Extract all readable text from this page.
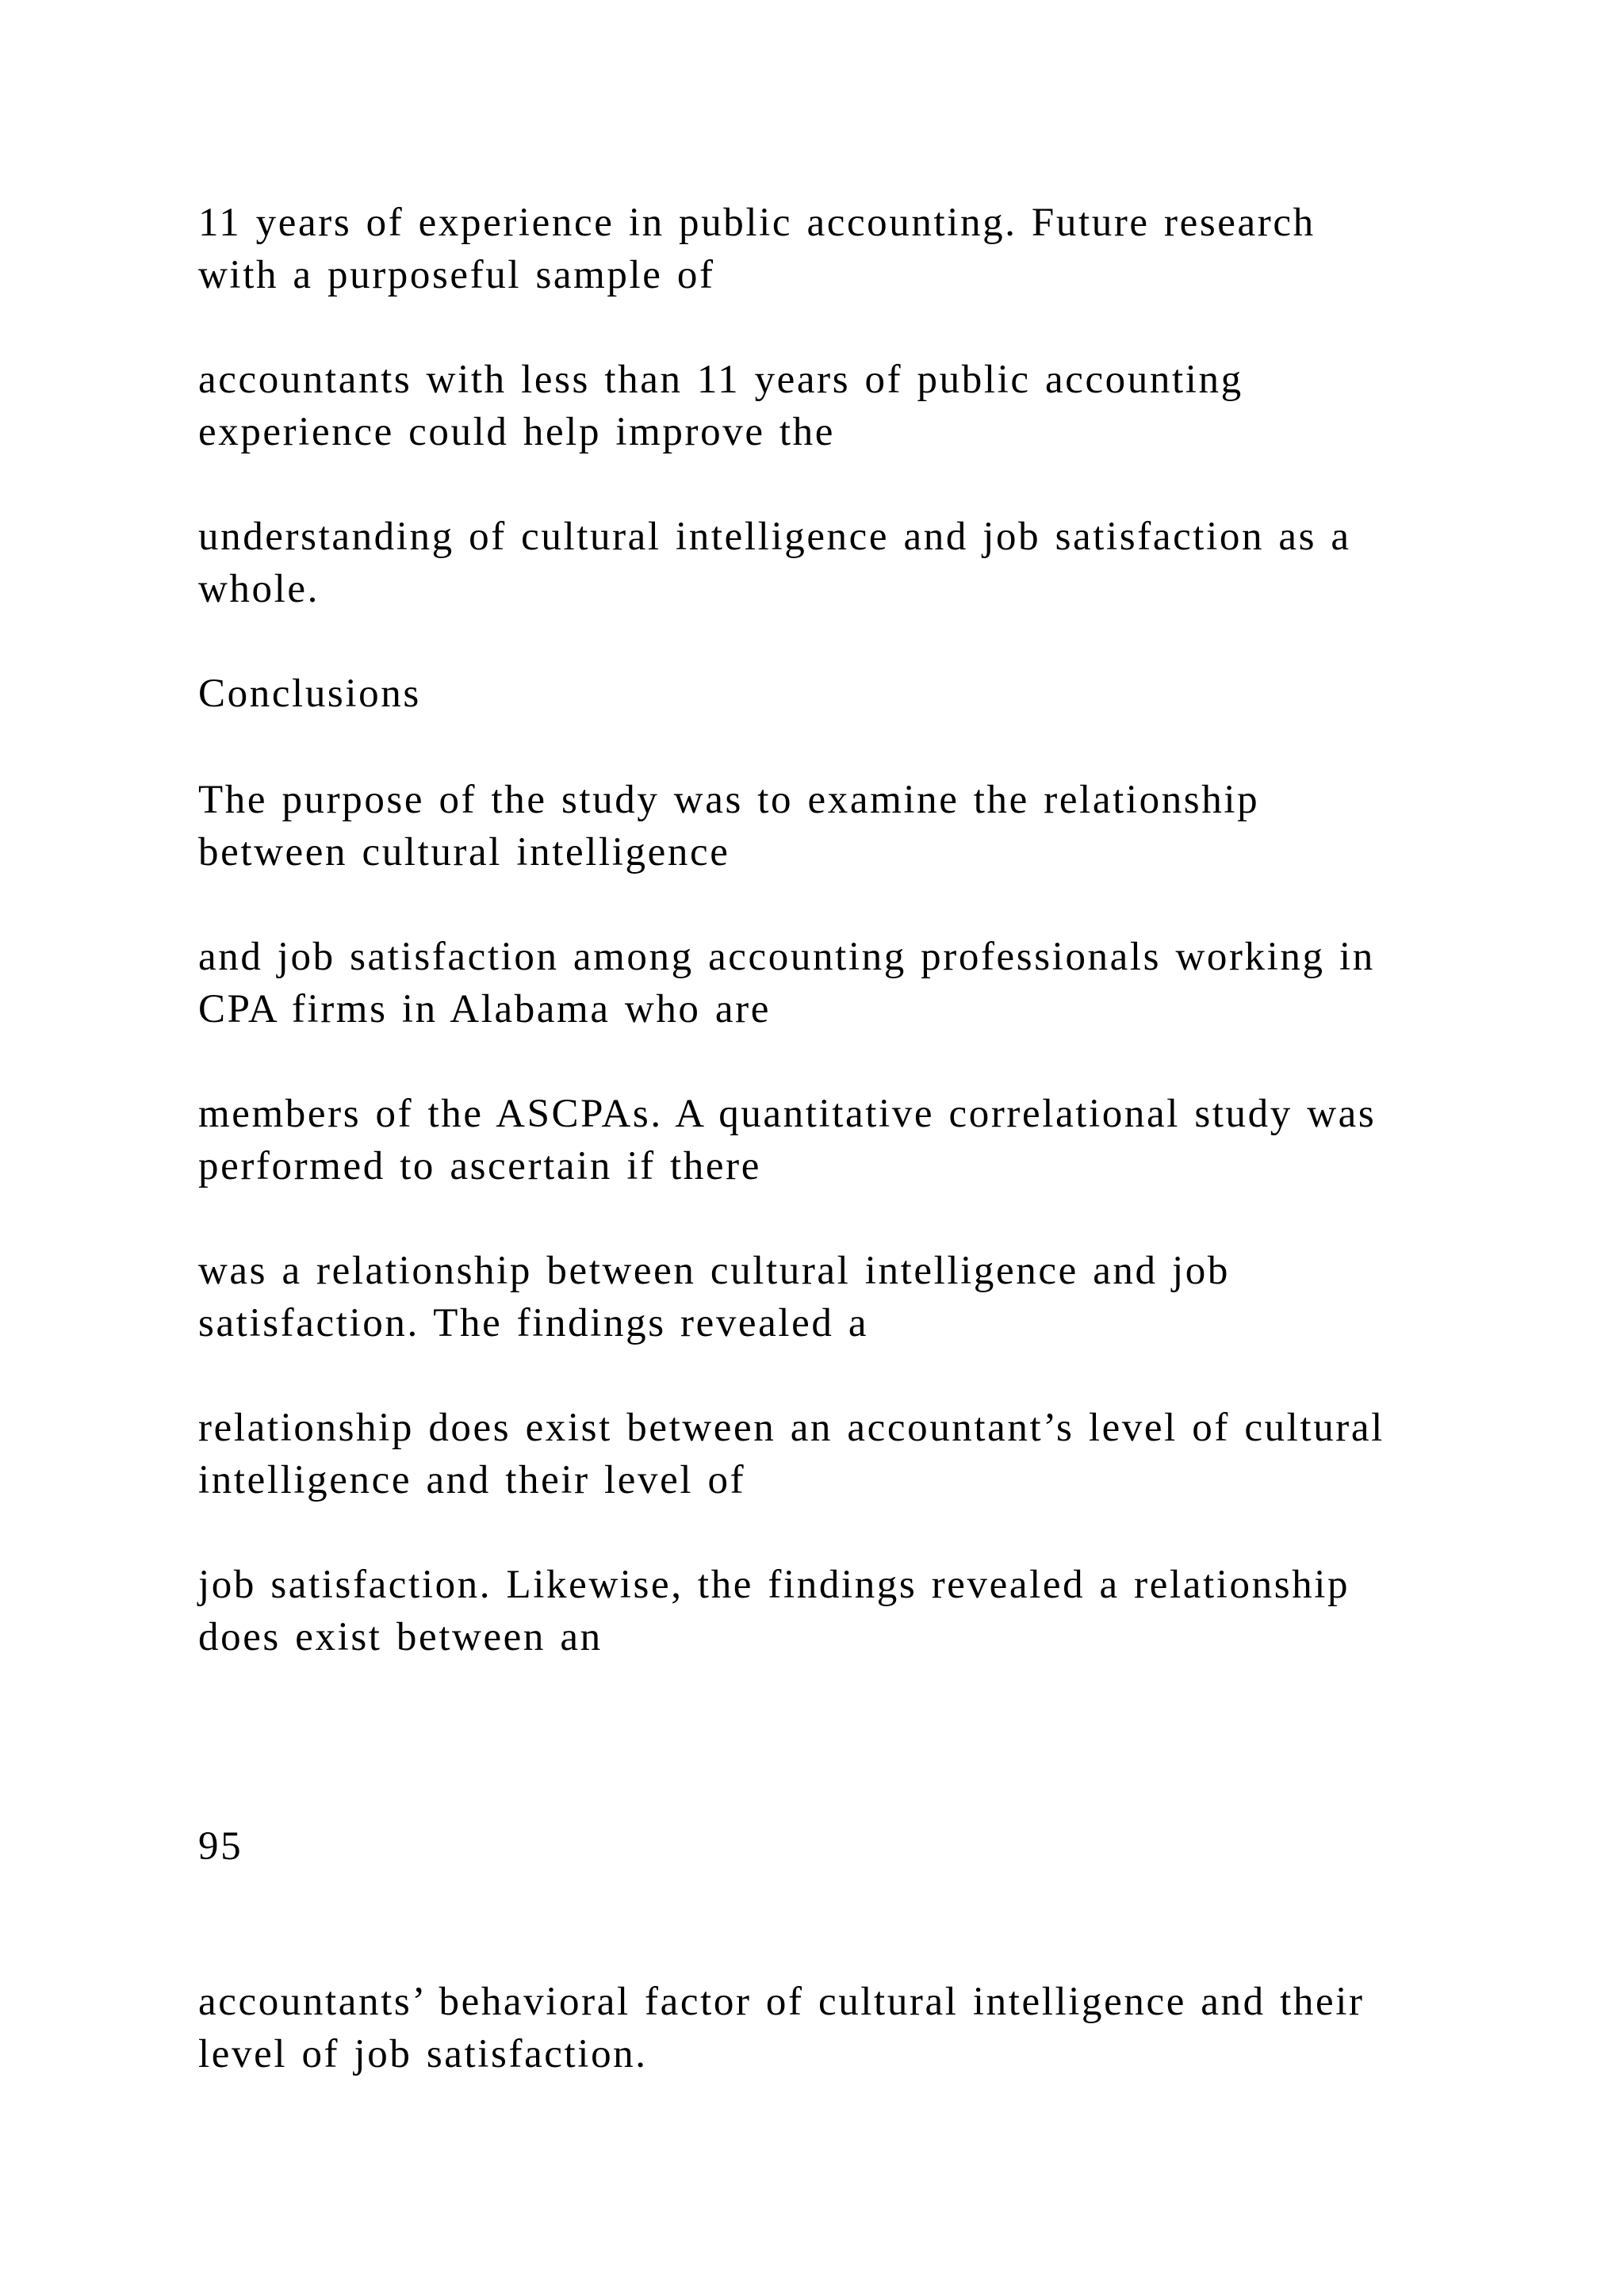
11 years of experience in public accounting. Future research
with a purposeful sample of

accountants with less than 11 years of public accounting
experience could help improve the

understanding of cultural intelligence and job satisfaction as a
whole.

Conclusions

The purpose of the study was to examine the relationship
between cultural intelligence

and job satisfaction among accounting professionals working in
CPA firms in Alabama who are

members of the ASCPAs. A quantitative correlational study was
performed to ascertain if there

was a relationship between cultural intelligence and job
satisfaction. The findings revealed a

relationship does exist between an accountant’s level of cultural
intelligence and their level of

job satisfaction. Likewise, the findings revealed a relationship
does exist between an

95

accountants’ behavioral factor of cultural intelligence and their
level of job satisfaction.
